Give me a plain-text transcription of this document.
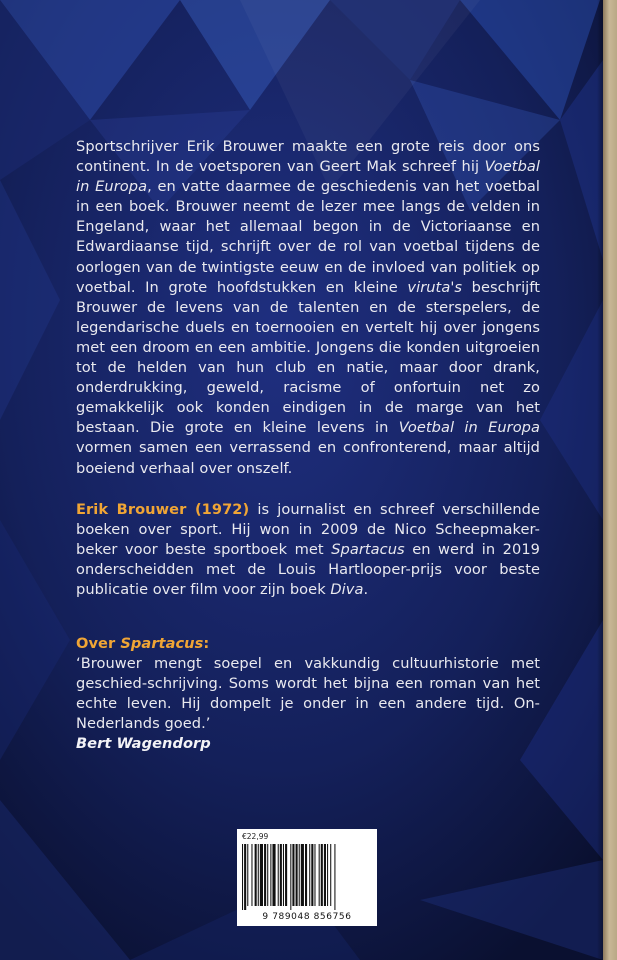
Sportschrijver Erik Brouwer maakte een grote reis door ons continent. In de voetsporen van Geert Mak schreef hij Voetbal in Europa, en vatte daarmee de geschiedenis van het voetbal in een boek. Brouwer neemt de lezer mee langs de velden in Engeland, waar het allemaal begon in de Victoriaanse en Edwardiaanse tijd, schrijft over de rol van voetbal tijdens de oorlogen van de twintigste eeuw en de invloed van politiek op voetbal. In grote hoofdstukken en kleine viruta's beschrijft Brouwer de levens van de talenten en de sterspelers, de legendarische duels en toernooien en vertelt hij over jongens met een droom en een ambitie. Jongens die konden uitgroeien tot de helden van hun club en natie, maar door drank, onderdrukking, geweld, racisme of onfortuin net zo gemakkelijk ook konden eindigen in de marge van het bestaan. Die grote en kleine levens in Voetbal in Europa vormen samen een verrassend en confronterend, maar altijd boeiend verhaal over onszelf.

Erik Brouwer (1972) is journalist en schreef verschillende boeken over sport. Hij won in 2009 de Nico Scheepmaker-beker voor beste sportboek met Spartacus en werd in 2019 onderscheidden met de Louis Hartlooper-prijs voor beste publicatie over film voor zijn boek Diva.

Over Spartacus:

‘Brouwer mengt soepel en vakkundig cultuurhistorie met geschied-schrijving. Soms wordt het bijna een roman van het echte leven. Hij dompelt je onder in een andere tijd. On-Nederlands goed.’

Bert Wagendorp

€22,99
9 789048 856756
